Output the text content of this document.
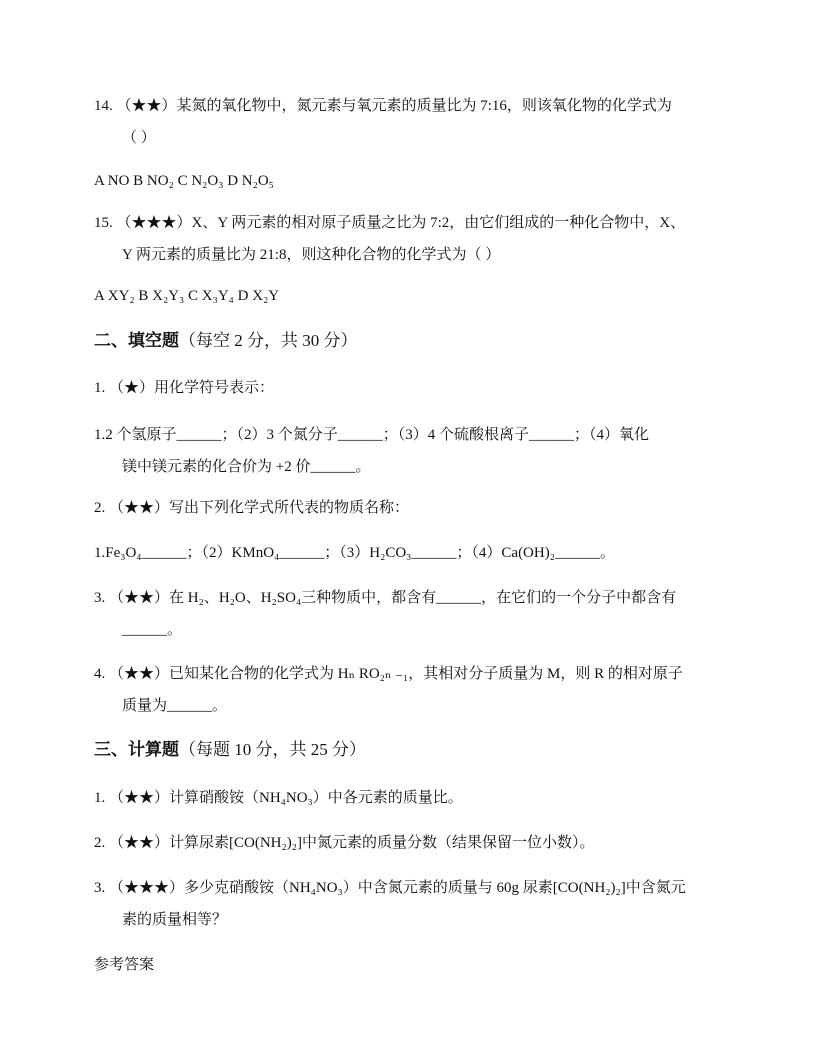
14. （★★）某氮的氧化物中，氮元素与氧元素的质量比为 7:16，则该氧化物的化学式为
（ ）
A NO B NO₂ C N₂O₃ D N₂O₅
15. （★★★）X、Y 两元素的相对原子质量之比为 7:2，由它们组成的一种化合物中，X、
Y 两元素的质量比为 21:8，则这种化合物的化学式为（ ）
A XY₂ B X₂Y₃ C X₃Y₄ D X₂Y
二、填空题（每空 2 分，共 30 分）
1. （★）用化学符号表示：
1.2 个氢原子______；（2）3 个氮分子______；（3）4 个硫酸根离子______；（4）氧化
镁中镁元素的化合价为 +2 价______。
2. （★★）写出下列化学式所代表的物质名称：
1.Fe₃O₄______；（2）KMnO₄______；（3）H₂CO₃______；（4）Ca(OH)₂______。
3. （★★）在 H₂、H₂O、H₂SO₄三种物质中，都含有______，在它们的一个分子中都含有
______。
4. （★★）已知某化合物的化学式为 Hₙ RO₂ₙ ₋₁，其相对分子质量为 M，则 R 的相对原子
质量为______。
三、计算题（每题 10 分，共 25 分）
1. （★★）计算硝酸铵（NH₄NO₃）中各元素的质量比。
2. （★★）计算尿素[CO(NH₂)₂]中氮元素的质量分数（结果保留一位小数）。
3. （★★★）多少克硝酸铵（NH₄NO₃）中含氮元素的质量与 60g 尿素[CO(NH₂)₂]中含氮元
素的质量相等？
参考答案
